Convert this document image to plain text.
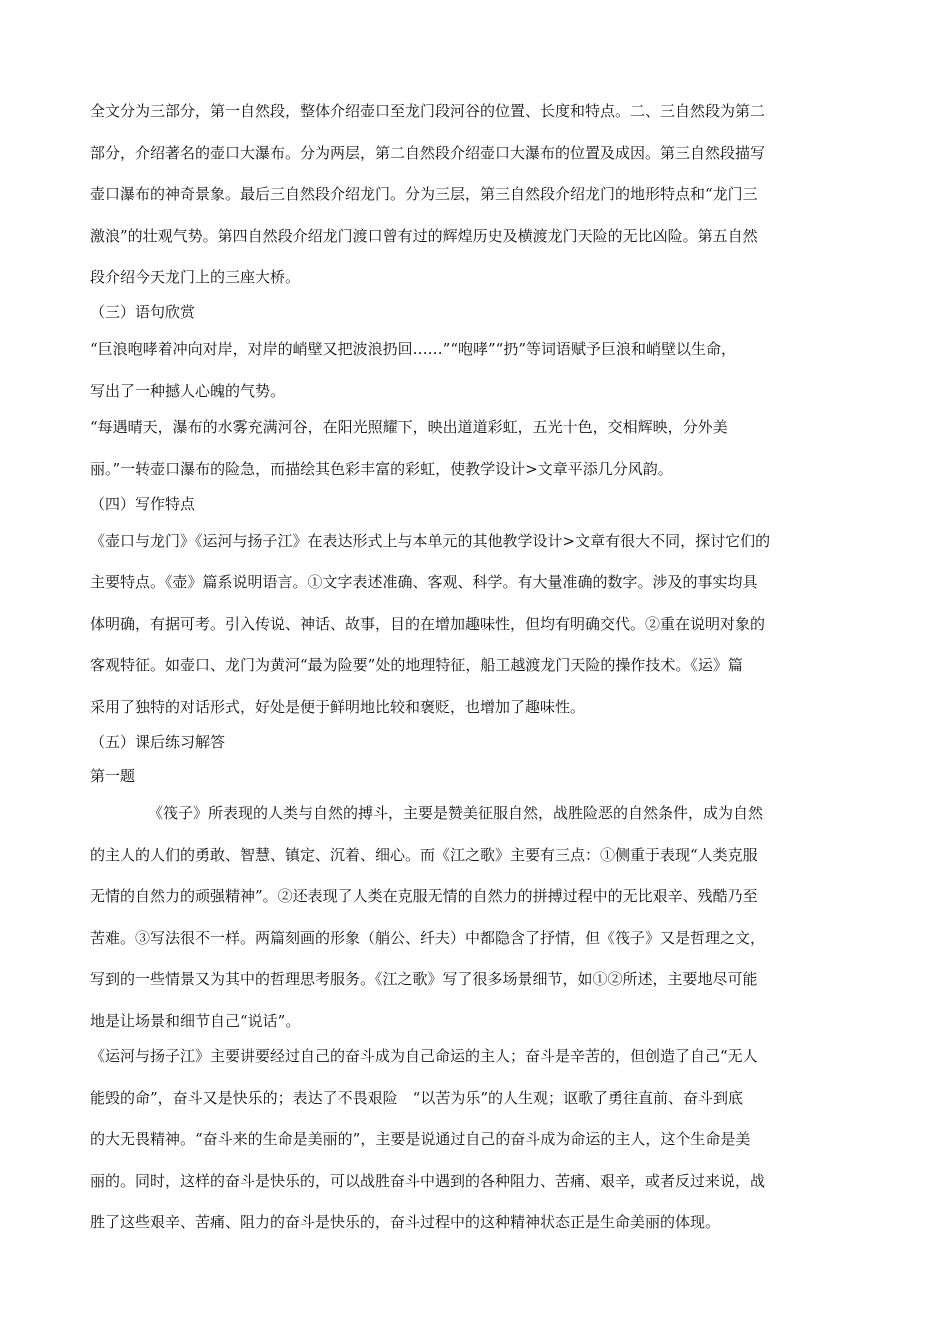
全文分为三部分，第一自然段，整体介绍壶口至龙门段河谷的位置、长度和特点。二、三自然段为第二
部分，介绍著名的壶口大瀑布。分为两层，第二自然段介绍壶口大瀑布的位置及成因。第三自然段描写
壶口瀑布的神奇景象。最后三自然段介绍龙门。分为三层，第三自然段介绍龙门的地形特点和“龙门三
激浪”的壮观气势。第四自然段介绍龙门渡口曾有过的辉煌历史及横渡龙门天险的无比凶险。第五自然
段介绍今天龙门上的三座大桥。
（三）语句欣赏
“巨浪咆哮着冲向对岸，对岸的峭壁又把波浪扔回……”“咆哮”“扔”等词语赋予巨浪和峭壁以生命，
写出了一种撼人心魄的气势。
“每遇晴天，瀑布的水雾充满河谷，在阳光照耀下，映出道道彩虹，五光十色，交相辉映，分外美
丽。”一转壶口瀑布的险急，而描绘其色彩丰富的彩虹，使教学设计>文章平添几分风韵。
（四）写作特点
《壶口与龙门》《运河与扬子江》在表达形式上与本单元的其他教学设计>文章有很大不同，探讨它们的
主要特点。《壶》篇系说明语言。①文字表述准确、客观、科学。有大量准确的数字。涉及的事实均具
体明确，有据可考。引入传说、神话、故事，目的在增加趣味性，但均有明确交代。②重在说明对象的
客观特征。如壶口、龙门为黄河“最为险要”处的地理特征，船工越渡龙门天险的操作技术。《运》篇
采用了独特的对话形式，好处是便于鲜明地比较和褒贬，也增加了趣味性。
（五）课后练习解答
第一题
《筏子》所表现的人类与自然的搏斗，主要是赞美征服自然，战胜险恶的自然条件，成为自然
的主人的人们的勇敢、智慧、镇定、沉着、细心。而《江之歌》主要有三点：①侧重于表现“人类克服
无情的自然力的顽强精神”。②还表现了人类在克服无情的自然力的拼搏过程中的无比艰辛、残酷乃至
苦难。③写法很不一样。两篇刻画的形象（艄公、纤夫）中都隐含了抒情，但《筏子》又是哲理之文，
写到的一些情景又为其中的哲理思考服务。《江之歌》写了很多场景细节，如①②所述，主要地尽可能
地是让场景和细节自己“说话”。
《运河与扬子江》主要讲要经过自己的奋斗成为自己命运的主人；奋斗是辛苦的，但创造了自己“无人
能毁的命”，奋斗又是快乐的；表达了不畏艰险　“以苦为乐”的人生观；讴歌了勇往直前、奋斗到底
的大无畏精神。“奋斗来的生命是美丽的”，主要是说通过自己的奋斗成为命运的主人，这个生命是美
丽的。同时，这样的奋斗是快乐的，可以战胜奋斗中遇到的各种阻力、苦痛、艰辛，或者反过来说，战
胜了这些艰辛、苦痛、阻力的奋斗是快乐的，奋斗过程中的这种精神状态正是生命美丽的体现。
